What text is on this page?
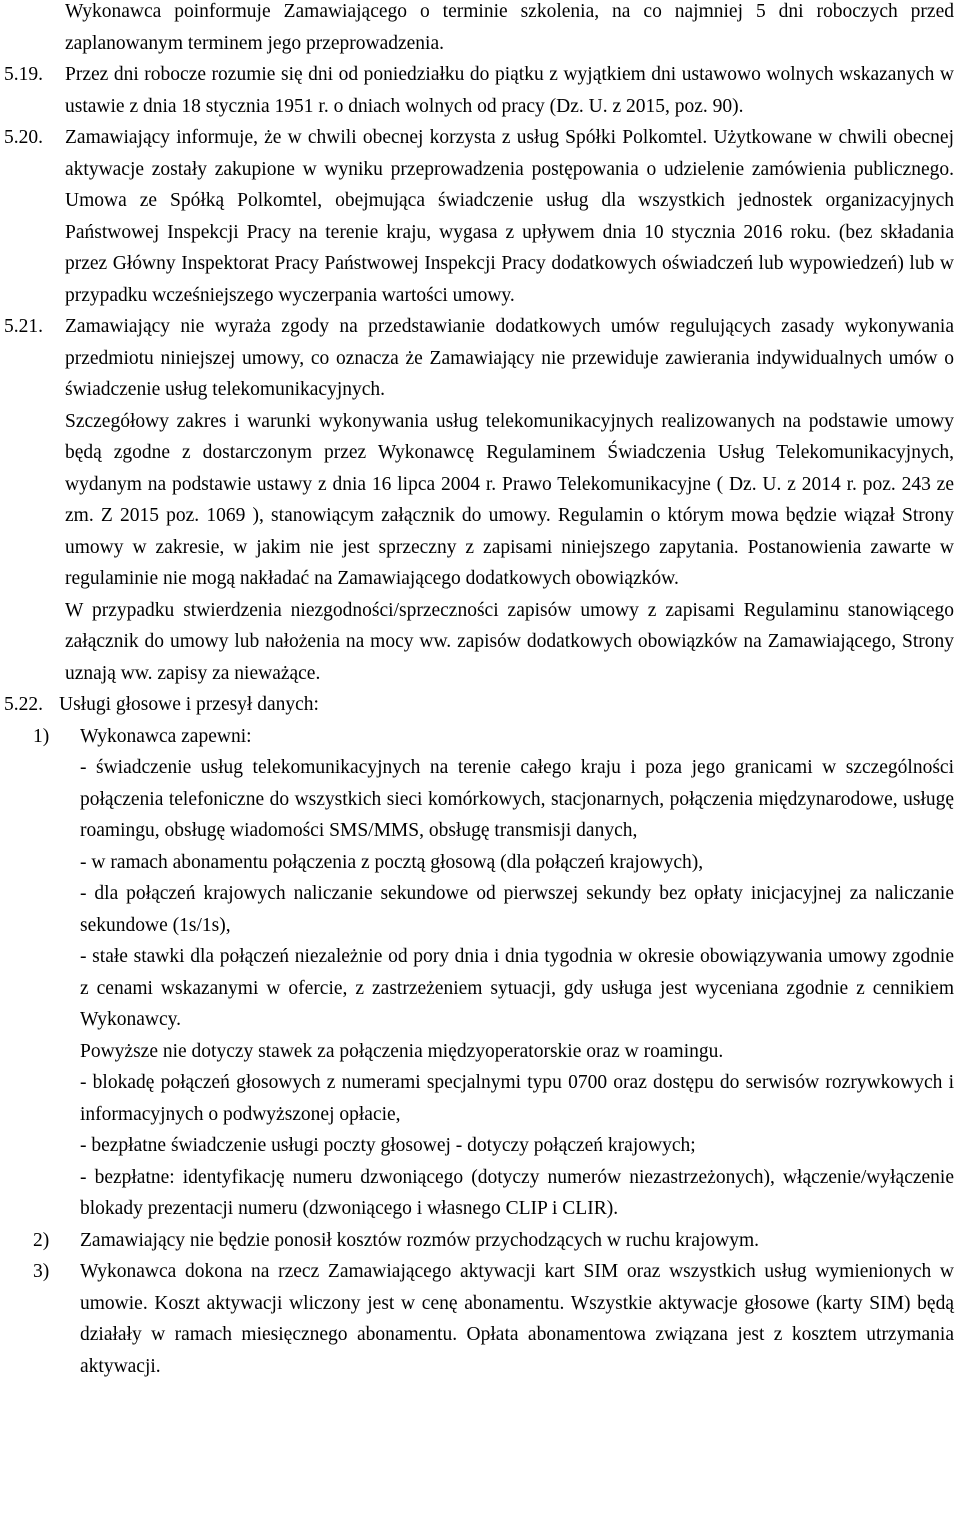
Wykonawca poinformuje Zamawiającego o terminie szkolenia, na co najmniej 5 dni roboczych przed zaplanowanym terminem jego przeprowadzenia.

5.19. Przez dni robocze rozumie się dni od poniedziałku do piątku z wyjątkiem dni ustawowo wolnych wskazanych w ustawie z dnia 18 stycznia 1951 r. o dniach wolnych od pracy (Dz. U. z 2015, poz. 90).

5.20. Zamawiający informuje, że w chwili obecnej korzysta z usług Spółki Polkomtel. Użytkowane w chwili obecnej aktywacje zostały zakupione w wyniku przeprowadzenia postępowania o udzielenie zamówienia publicznego. Umowa ze Spółką Polkomtel, obejmująca świadczenie usług dla wszystkich jednostek organizacyjnych Państwowej Inspekcji Pracy na terenie kraju, wygasa z upływem dnia 10 stycznia 2016 roku. (bez składania przez Główny Inspektorat Pracy Państwowej Inspekcji Pracy dodatkowych oświadczeń lub wypowiedzeń) lub w przypadku wcześniejszego wyczerpania wartości umowy.

5.21. Zamawiający nie wyraża zgody na przedstawianie dodatkowych umów regulujących zasady wykonywania przedmiotu niniejszej umowy, co oznacza że Zamawiający nie przewiduje zawierania indywidualnych umów o świadczenie usług telekomunikacyjnych.

Szczegółowy zakres i warunki wykonywania usług telekomunikacyjnych realizowanych na podstawie umowy będą zgodne z dostarczonym przez Wykonawcę Regulaminem Świadczenia Usług Telekomunikacyjnych, wydanym na podstawie ustawy z dnia 16 lipca 2004 r. Prawo Telekomunikacyjne ( Dz. U. z 2014 r. poz. 243 ze zm. Z 2015 poz. 1069 ), stanowiącym załącznik do umowy. Regulamin o którym mowa będzie wiązał Strony umowy w zakresie, w jakim nie jest sprzeczny z zapisami niniejszego zapytania. Postanowienia zawarte w regulaminie nie mogą nakładać na Zamawiającego dodatkowych obowiązków.

W przypadku stwierdzenia niezgodności/sprzeczności zapisów umowy z zapisami Regulaminu stanowiącego załącznik do umowy lub nałożenia na mocy ww. zapisów dodatkowych obowiązków na Zamawiającego, Strony uznają ww. zapisy za nieważące.

5.22. Usługi głosowe i przesył danych:

1) Wykonawca zapewni:

- świadczenie usług telekomunikacyjnych na terenie całego kraju i poza jego granicami w szczególności połączenia telefoniczne do wszystkich sieci komórkowych, stacjonarnych, połączenia międzynarodowe, usługę roamingu, obsługę wiadomości SMS/MMS, obsługę transmisji danych,

- w ramach abonamentu połączenia z pocztą głosową (dla połączeń krajowych),

- dla połączeń krajowych naliczanie sekundowe od pierwszej sekundy bez opłaty inicjacyjnej za naliczanie sekundowe (1s/1s),

- stałe stawki dla połączeń niezależnie od pory dnia i dnia tygodnia w okresie obowiązywania umowy zgodnie z cenami wskazanymi w ofercie, z zastrzeżeniem sytuacji, gdy usługa jest wyceniana zgodnie z cennikiem Wykonawcy.

Powyższe nie dotyczy stawek za połączenia międzyoperatorskie oraz w roamingu.

- blokadę połączeń głosowych z numerami specjalnymi typu 0700 oraz dostępu do serwisów rozrywkowych i informacyjnych o podwyższonej opłacie,

- bezpłatne świadczenie usługi poczty głosowej - dotyczy połączeń krajowych;

- bezpłatne: identyfikację numeru dzwoniącego (dotyczy numerów niezastrzeżonych), włączenie/wyłączenie blokady prezentacji numeru (dzwoniącego i własnego CLIP i CLIR).

2) Zamawiający nie będzie ponosił kosztów rozmów przychodzących w ruchu krajowym.

3) Wykonawca dokona na rzecz Zamawiającego aktywacji kart SIM oraz wszystkich usług wymienionych w umowie. Koszt aktywacji wliczony jest w cenę abonamentu. Wszystkie aktywacje głosowe (karty SIM) będą działały w ramach miesięcznego abonamentu. Opłata abonamentowa związana jest z kosztem utrzymania aktywacji.
